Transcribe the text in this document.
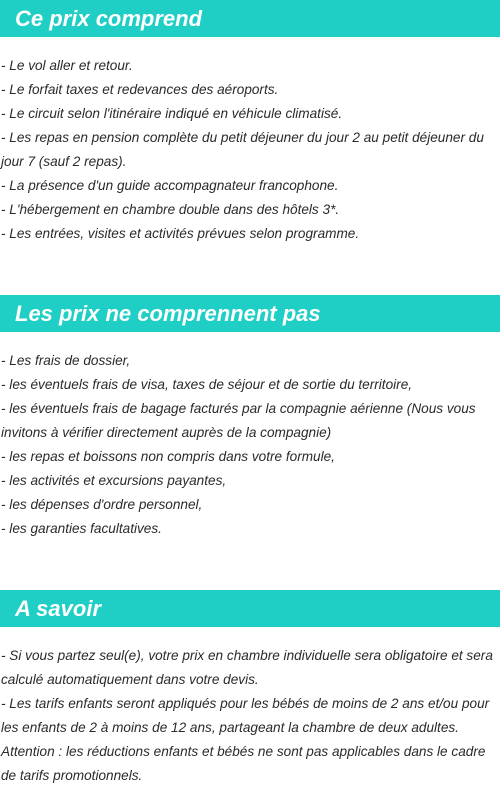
Ce prix comprend
- Le vol aller et retour.
- Le forfait taxes et redevances des aéroports.
- Le circuit selon l'itinéraire indiqué en véhicule climatisé.
- Les repas en pension complète du petit déjeuner du jour 2 au petit déjeuner du jour 7 (sauf 2 repas).
- La présence d'un guide accompagnateur francophone.
- L'hébergement en chambre double dans des hôtels 3*.
- Les entrées, visites et activités prévues selon programme.
Les prix ne comprennent pas
- Les frais de dossier,
- les éventuels frais de visa, taxes de séjour et de sortie du territoire,
- les éventuels frais de bagage facturés par la compagnie aérienne (Nous vous invitons à vérifier directement auprès de la compagnie)
- les repas et boissons non compris dans votre formule,
- les activités et excursions payantes,
- les dépenses d'ordre personnel,
- les garanties facultatives.
A savoir
- Si vous partez seul(e), votre prix en chambre individuelle sera obligatoire et sera calculé automatiquement dans votre devis.
- Les tarifs enfants seront appliqués pour les bébés de moins de 2 ans et/ou pour les enfants de 2 à moins de 12 ans, partageant la chambre de deux adultes.
Attention : les réductions enfants et bébés ne sont pas applicables dans le cadre de tarifs promotionnels.
